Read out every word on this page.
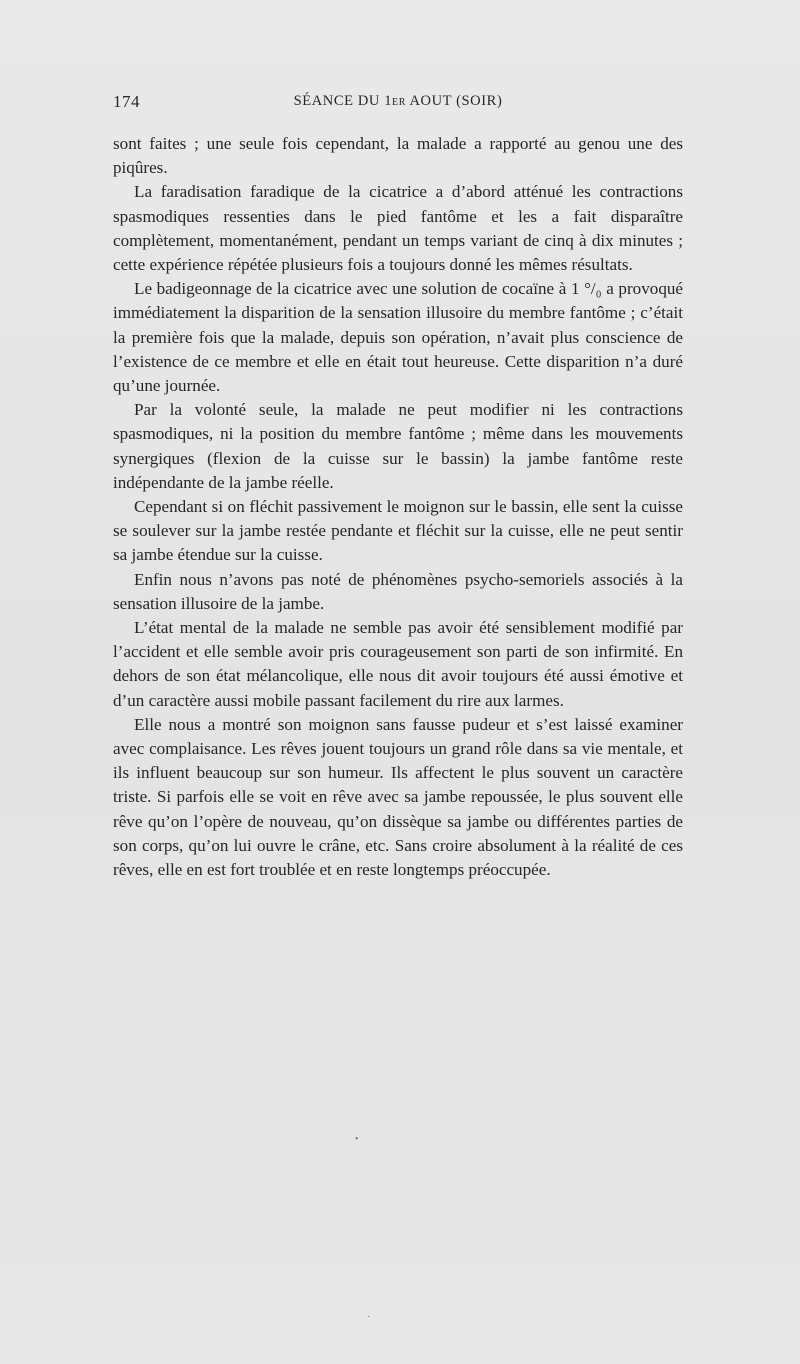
174	SÉANCE DU 1er AOUT (SOIR)

sont faites ; une seule fois cependant, la malade a rapporté au genou une des piqûres.

La faradisation faradique de la cicatrice a d’abord atténué les contractions spasmodiques ressenties dans le pied fantôme et les a fait disparaître complètement, momentanément, pendant un temps variant de cinq à dix minutes ; cette expérience répétée plusieurs fois a toujours donné les mêmes résultats.

Le badigeonnage de la cicatrice avec une solution de cocaïne à 1 °/₀ a provoqué immédiatement la disparition de la sensation illusoire du membre fantôme ; c’était la première fois que la malade, depuis son opération, n’avait plus conscience de l’existence de ce membre et elle en était tout heureuse. Cette disparition n’a duré qu’une journée.

Par la volonté seule, la malade ne peut modifier ni les contractions spasmodiques, ni la position du membre fantôme ; même dans les mouvements synergiques (flexion de la cuisse sur le bassin) la jambe fantôme reste indépendante de la jambe réelle.

Cependant si on fléchit passivement le moignon sur le bassin, elle sent la cuisse se soulever sur la jambe restée pendante et fléchit sur la cuisse, elle ne peut sentir sa jambe étendue sur la cuisse.

Enfin nous n’avons pas noté de phénomènes psycho-semoriels associés à la sensation illusoire de la jambe.

L’état mental de la malade ne semble pas avoir été sensiblement modifié par l’accident et elle semble avoir pris courageusement son parti de son infirmité. En dehors de son état mélancolique, elle nous dit avoir toujours été aussi émotive et d’un caractère aussi mobile passant facilement du rire aux larmes.

Elle nous a montré son moignon sans fausse pudeur et s’est laissé examiner avec complaisance. Les rêves jouent toujours un grand rôle dans sa vie mentale, et ils influent beaucoup sur son humeur. Ils affectent le plus souvent un caractère triste. Si parfois elle se voit en rêve avec sa jambe repoussée, le plus souvent elle rêve qu’on l’opère de nouveau, qu’on dissèque sa jambe ou différentes parties de son corps, qu’on lui ouvre le crâne, etc. Sans croire absolument à la réalité de ces rêves, elle en est fort troublée et en reste longtemps préoccupée.

•
·
